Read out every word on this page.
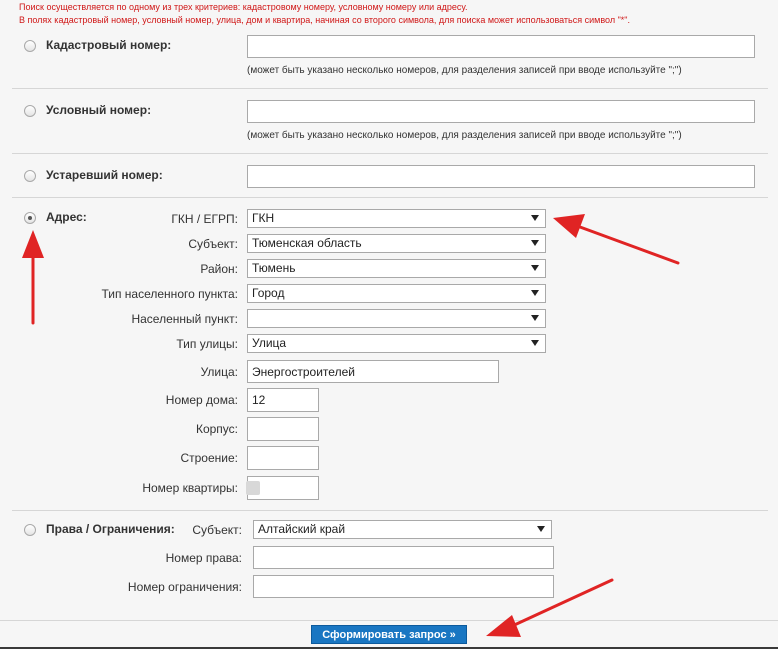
Поиск осуществляется по одному из трех критериев: кадастровому номеру, условному номеру или адресу.
В полях кадастровый номер, условный номер, улица, дом и квартира, начиная со второго символа, для поиска может использоваться символ "*".
Кадастровый номер:
(может быть указано несколько номеров, для разделения записей при вводе используйте ";")
Условный номер:
(может быть указано несколько номеров, для разделения записей при вводе используйте ";")
Устаревший номер:
Адрес:	ГКН / ЕГРП:	ГКН
Субъект:	Тюменская область
Район:	Тюмень
Тип населенного пункта:	Город
Населенный пункт:
Тип улицы:	Улица
Улица:
Энергостроителей
Номер дома:
12
Корпус:
Строение:
Номер квартиры:
Права / Ограничения:	Субъект:	Алтайский край
Номер права:
Номер ограничения:
Сформировать запрос »
